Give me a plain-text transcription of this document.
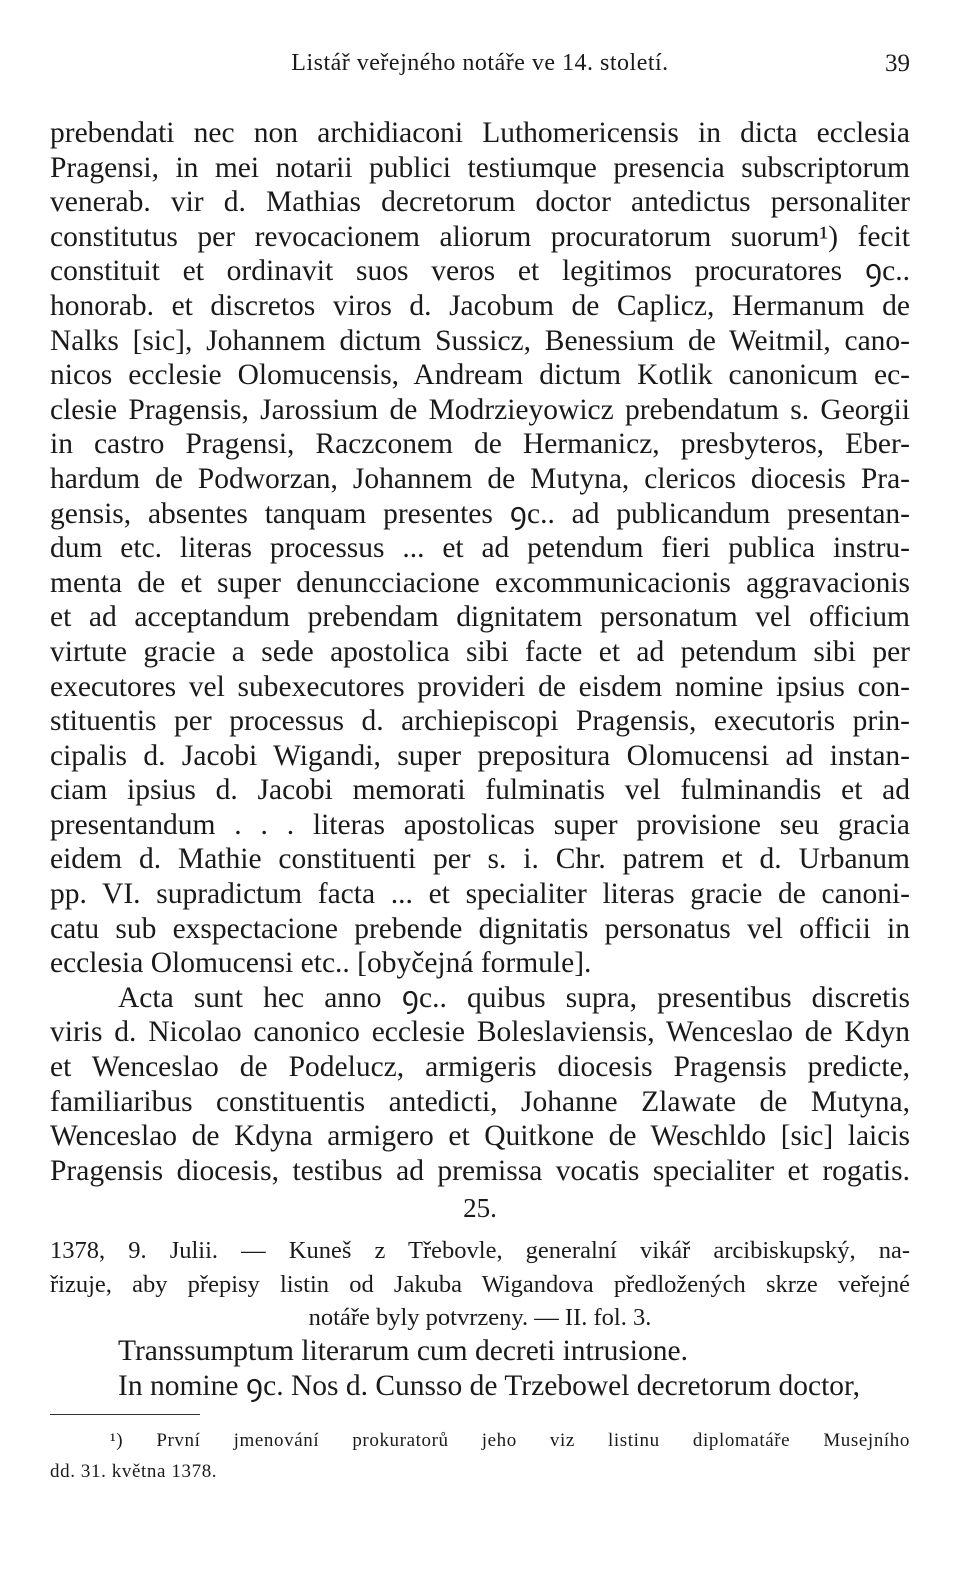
Listář veřejného notáře ve 14. století.	39
prebendati nec non archidiaconi Luthomericensis in dicta ecclesia
Pragensi, in mei notarii publici testiumque presencia subscriptorum
venerab. vir d. Mathias decretorum doctor antedictus personaliter
constitutus per revocacionem aliorum procuratorum suorum¹) fecit
constituit et ordinavit suos veros et legitimos procuratores ꝯc..
honorab. et discretos viros d. Jacobum de Caplicz, Hermanum de
Nalks [sic], Johannem dictum Sussicz, Benessium de Weitmil, cano-
nicos ecclesie Olomucensis, Andream dictum Kotlik canonicum ec-
clesie Pragensis, Jarossium de Modrzieyowicz prebendatum s. Georgii
in castro Pragensi, Raczconem de Hermanicz, presbyteros, Eber-
hardum de Podworzan, Johannem de Mutyna, clericos diocesis Pra-
gensis, absentes tanquam presentes ꝯc.. ad publicandum presentan-
dum etc. literas processus ... et ad petendum fieri publica instru-
menta de et super denuncciacione excommunicacionis aggravacionis
et ad acceptandum prebendam dignitatem personatum vel officium
virtute gracie a sede apostolica sibi facte et ad petendum sibi per
executores vel subexecutores provideri de eisdem nomine ipsius con-
stituentis per processus d. archiepiscopi Pragensis, executoris prin-
cipalis d. Jacobi Wigandi, super prepositura Olomucensi ad instan-
ciam ipsius d. Jacobi memorati fulminatis vel fulminandis et ad
presentandum . . . literas apostolicas super provisione seu gracia
eidem d. Mathie constituenti per s. i. Chr. patrem et d. Urbanum
pp. VI. supradictum facta ... et specialiter literas gracie de canoni-
catu sub exspectacione prebende dignitatis personatus vel officii in
ecclesia Olomucensi etc.. [obyčejná formule].
Acta sunt hec anno ꝯc.. quibus supra, presentibus discretis
viris d. Nicolao canonico ecclesie Boleslaviensis, Wenceslao de Kdyn
et Wenceslao de Podelucz, armigeris diocesis Pragensis predicte,
familiaribus constituentis antedicti, Johanne Zlawate de Mutyna,
Wenceslao de Kdyna armigero et Quitkone de Weschldo [sic] laicis
Pragensis diocesis, testibus ad premissa vocatis specialiter et rogatis.
25.
1378, 9. Julii. — Kuneš z Třebovle, generalní vikář arcibiskupský, na-
řizuje, aby přepisy listin od Jakuba Wigandova předložených skrze veřejné
notáře byly potvrzeny. — II. fol. 3.
Transsumptum literarum cum decreti intrusione.
In nomine ꝯc. Nos d. Cunsso de Trzebowel decretorum doctor,
¹) První jmenování prokuratorů jeho viz listinu diplomatáře Musejního
dd. 31. května 1378.
